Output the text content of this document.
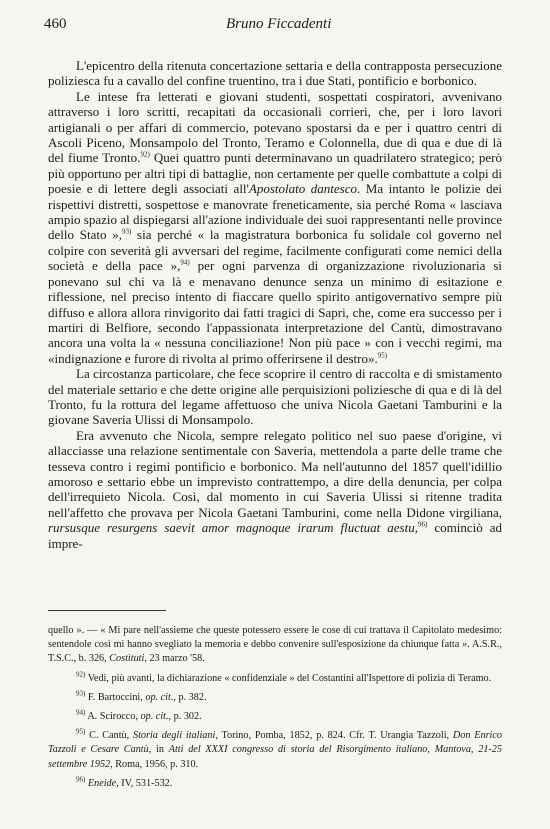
460	Bruno Ficcadenti

L'epicentro della ritenuta concertazione settaria e della contrapposta persecuzione poliziesca fu a cavallo del confine truentino, tra i due Stati, pontificio e borbonico.

Le intese fra letterati e giovani studenti, sospettati cospiratori, avvenivano attraverso i loro scritti, recapitati da occasionali corrieri, che, per i loro lavori artigianali o per affari di commercio, potevano spostarsi da e per i quattro centri di Ascoli Piceno, Monsampolo del Tronto, Teramo e Colonnella, due di qua e due di là del fiume Tronto.$^{92)}$ Quei quattro punti determinavano un quadrilatero strategico; però più opportuno per altri tipi di battaglie, non certamente per quelle combattute a colpi di poesie e di lettere degli associati all'Apostolato dantesco. Ma intanto le polizie dei rispettivi distretti, sospettose e manovrate freneticamente, sia perché Roma « lasciava ampio spazio al dispiegarsi all'azione individuale dei suoi rappresentanti nelle province dello Stato »,$^{93)}$ sia perché « la magistratura borbonica fu solidale col governo nel colpire con severità gli avversari del regime, facilmente configurati come nemici della società e della pace »,$^{94)}$ per ogni parvenza di organizzazione rivoluzionaria si ponevano sul chi va là e menavano denunce senza un minimo di esitazione e riflessione, nel preciso intento di fiaccare quello spirito antigovernativo sempre più diffuso e allora allora rinvigorito dai fatti tragici di Sapri, che, come era successo per i martiri di Belfiore, secondo l'appassionata interpretazione del Cantù, dimostravano ancora una volta la « nessuna conciliazione! Non più pace » con i vecchi regimi, ma «indignazione e furore di rivolta al primo offerirsene il destro».$^{95)}$

La circostanza particolare, che fece scoprire il centro di raccolta e di smistamento del materiale settario e che dette origine alle perquisizioni poliziesche di qua e di là del Tronto, fu la rottura del legame affettuoso che univa Nicola Gaetani Tamburini e la giovane Saveria Ulissi di Monsampolo.

Era avvenuto che Nicola, sempre relegato politico nel suo paese d'origine, vi allacciasse una relazione sentimentale con Saveria, mettendola a parte delle trame che tesseva contro i regimi pontificio e borbonico. Ma nell'autunno del 1857 quell'idillio amoroso e settario ebbe un imprevisto contrattempo, a dire della denuncia, per colpa dell'irrequieto Nicola. Così, dal momento in cui Saveria Ulissi si ritenne tradita nell'affetto che provava per Nicola Gaetani Tamburini, come nella Didone virgiliana, rursusque resurgens saevit amor magnoque irarum fluctuat aestu,$^{96)}$ cominciò ad impre-

quello ». — « Mi pare nell'assieme che queste potessero essere le cose di cui trattava il Capitolato medesimo: sentendole così mi hanno svegliato la memoria e debbo convenire sull'esposizione da chiunque fatta ». A.S.R., T.S.C., b. 326, Costituti, 23 marzo '58.

$^{92)}$ Vedi, più avanti, la dichiarazione « confidenziale » del Costantini all'Ispettore di polizia di Teramo.

$^{93)}$ F. Bartoccini, op. cit., p. 382.

$^{94)}$ A. Scirocco, op. cit., p. 302.

$^{95)}$ C. Cantù, Storia degli italiani, Torino, Pomba, 1852, p. 824. Cfr. T. Urangia Tazzoli, Don Enrico Tazzoli e Cesare Cantù, in Atti del XXXI congresso di storia del Risorgimento italiano, Mantova, 21-25 settembre 1952, Roma, 1956, p. 310.

$^{96)}$ Eneide, IV, 531-532.
